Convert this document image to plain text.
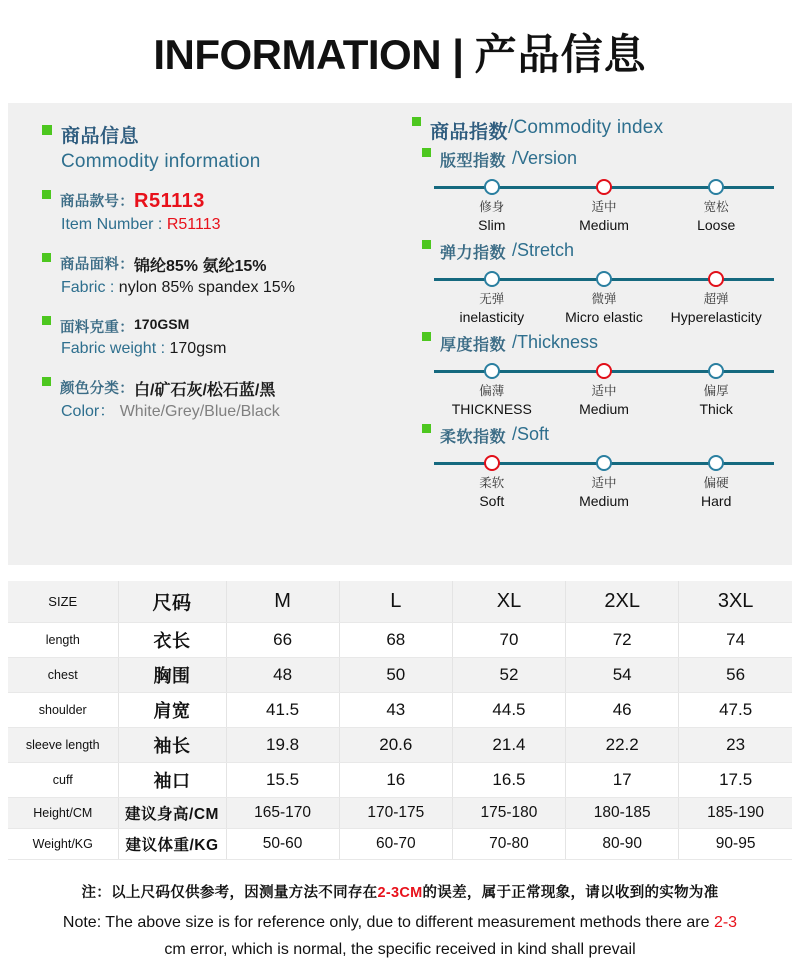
INFORMATION | 产品信息
商品信息
Commodity information
商品款号： R51113
Item Number : R51113
商品面料： 锦纶85% 氨纶15%
Fabric : nylon 85% spandex 15%
面料克重： 170GSM
Fabric weight : 170gsm
颜色分类： 白/矿石灰/松石蓝/黑
Color： White/Grey/Blue/Black
商品指数 /Commodity index
版型指数 /Version
修身
Slim
适中
Medium
宽松
Loose
弹力指数 /Stretch
无弹
inelasticity
微弹
Micro elastic
超弹
Hyperelasticity
厚度指数 /Thickness
偏薄
THICKNESS
适中
Medium
偏厚
Thick
柔软指数 /Soft
柔软
Soft
适中
Medium
偏硬
Hard
SIZE	尺码	M	L	XL	2XL	3XL
length	衣长	66	68	70	72	74
chest	胸围	48	50	52	54	56
shoulder	肩宽	41.5	43	44.5	46	47.5
sleeve length	袖长	19.8	20.6	21.4	22.2	23
cuff	袖口	15.5	16	16.5	17	17.5
Height/CM	建议身高/CM	165-170	170-175	175-180	180-185	185-190
Weight/KG	建议体重/KG	50-60	60-70	70-80	80-90	90-95
注：以上尺码仅供参考，因测量方法不同存在2-3CM的误差，属于正常现象，请以收到的实物为准
Note: The above size is for reference only, due to different measurement methods there are 2-3 cm error, which is normal, the specific received in kind shall prevail
